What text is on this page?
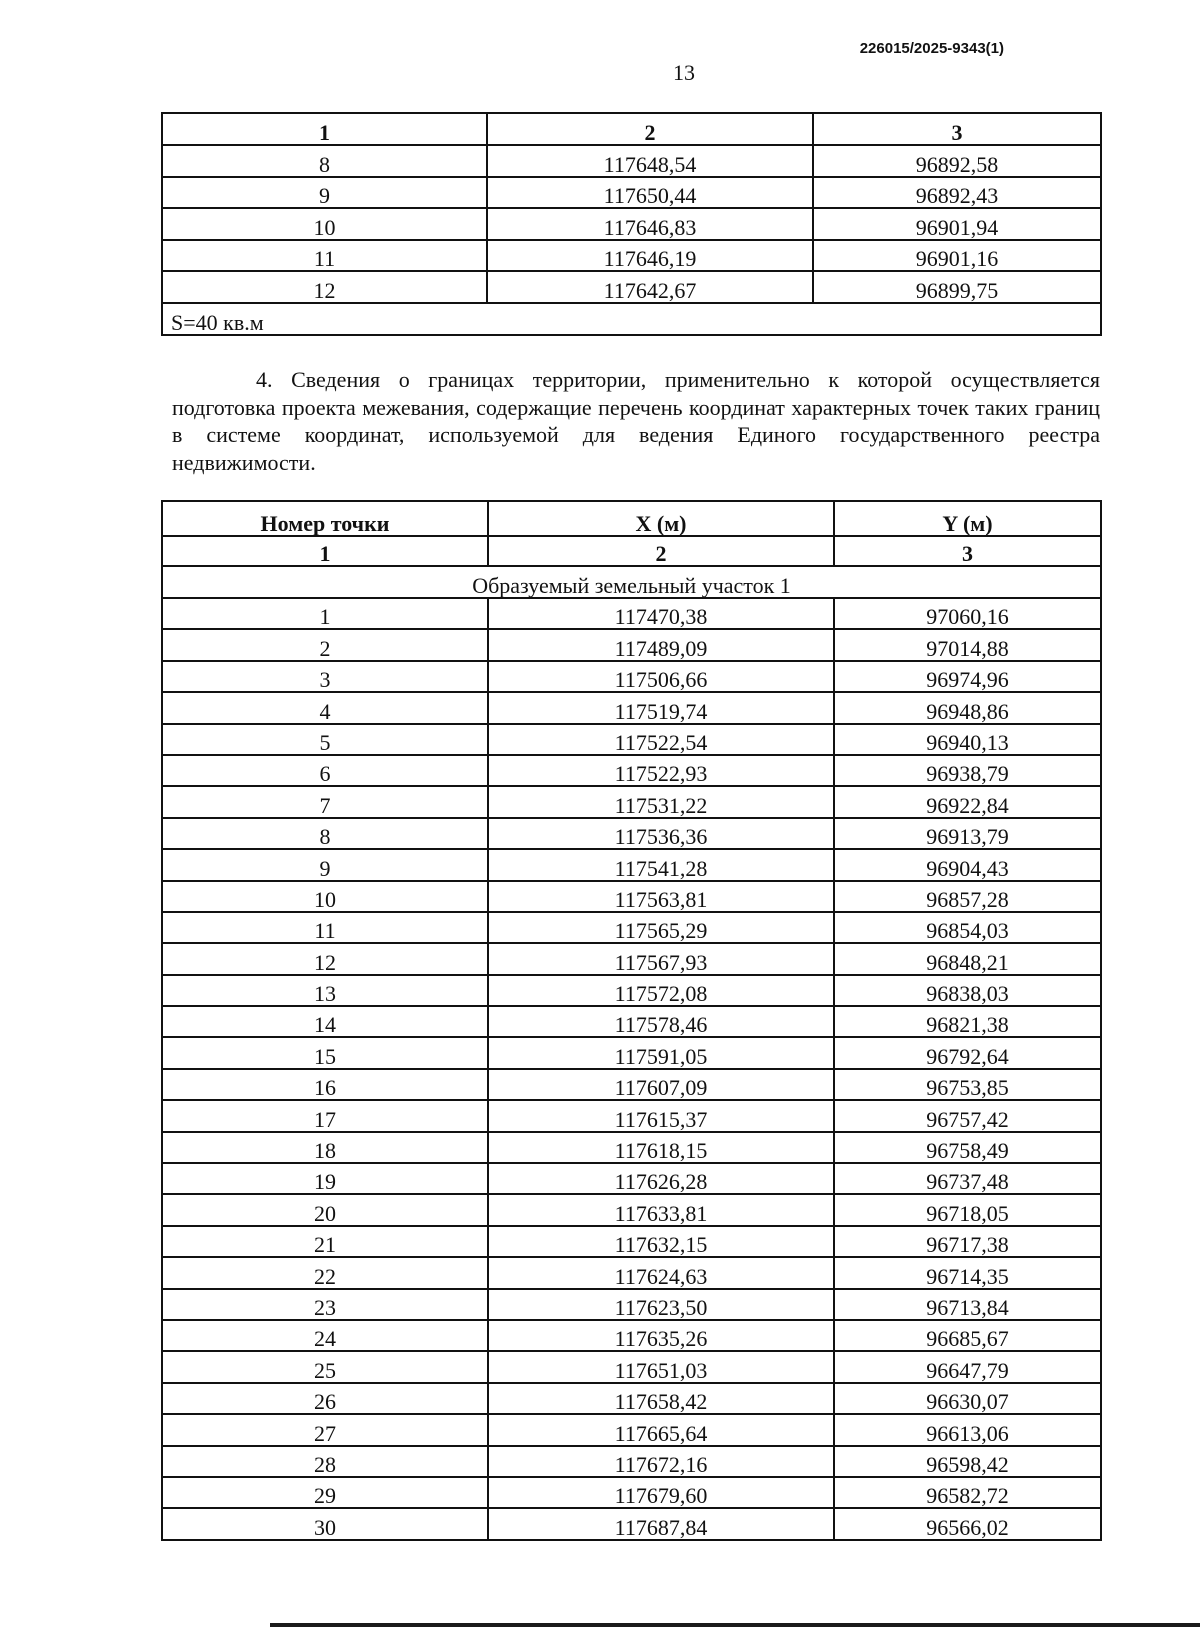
226015/2025-9343(1)
13
1	2	3
8	117648,54	96892,58
9	117650,44	96892,43
10	117646,83	96901,94
11	117646,19	96901,16
12	117642,67	96899,75
S=40 кв.м		
4. Сведения о границах территории, применительно к которой осуществляется подготовка проекта межевания, содержащие перечень координат характерных точек таких границ в системе координат, используемой для ведения Единого государственного реестра недвижимости.
Номер точки	X (м)	Y (м)
1	2	3
Образуемый земельный участок 1		
1	117470,38	97060,16
2	117489,09	97014,88
3	117506,66	96974,96
4	117519,74	96948,86
5	117522,54	96940,13
6	117522,93	96938,79
7	117531,22	96922,84
8	117536,36	96913,79
9	117541,28	96904,43
10	117563,81	96857,28
11	117565,29	96854,03
12	117567,93	96848,21
13	117572,08	96838,03
14	117578,46	96821,38
15	117591,05	96792,64
16	117607,09	96753,85
17	117615,37	96757,42
18	117618,15	96758,49
19	117626,28	96737,48
20	117633,81	96718,05
21	117632,15	96717,38
22	117624,63	96714,35
23	117623,50	96713,84
24	117635,26	96685,67
25	117651,03	96647,79
26	117658,42	96630,07
27	117665,64	96613,06
28	117672,16	96598,42
29	117679,60	96582,72
30	117687,84	96566,02
